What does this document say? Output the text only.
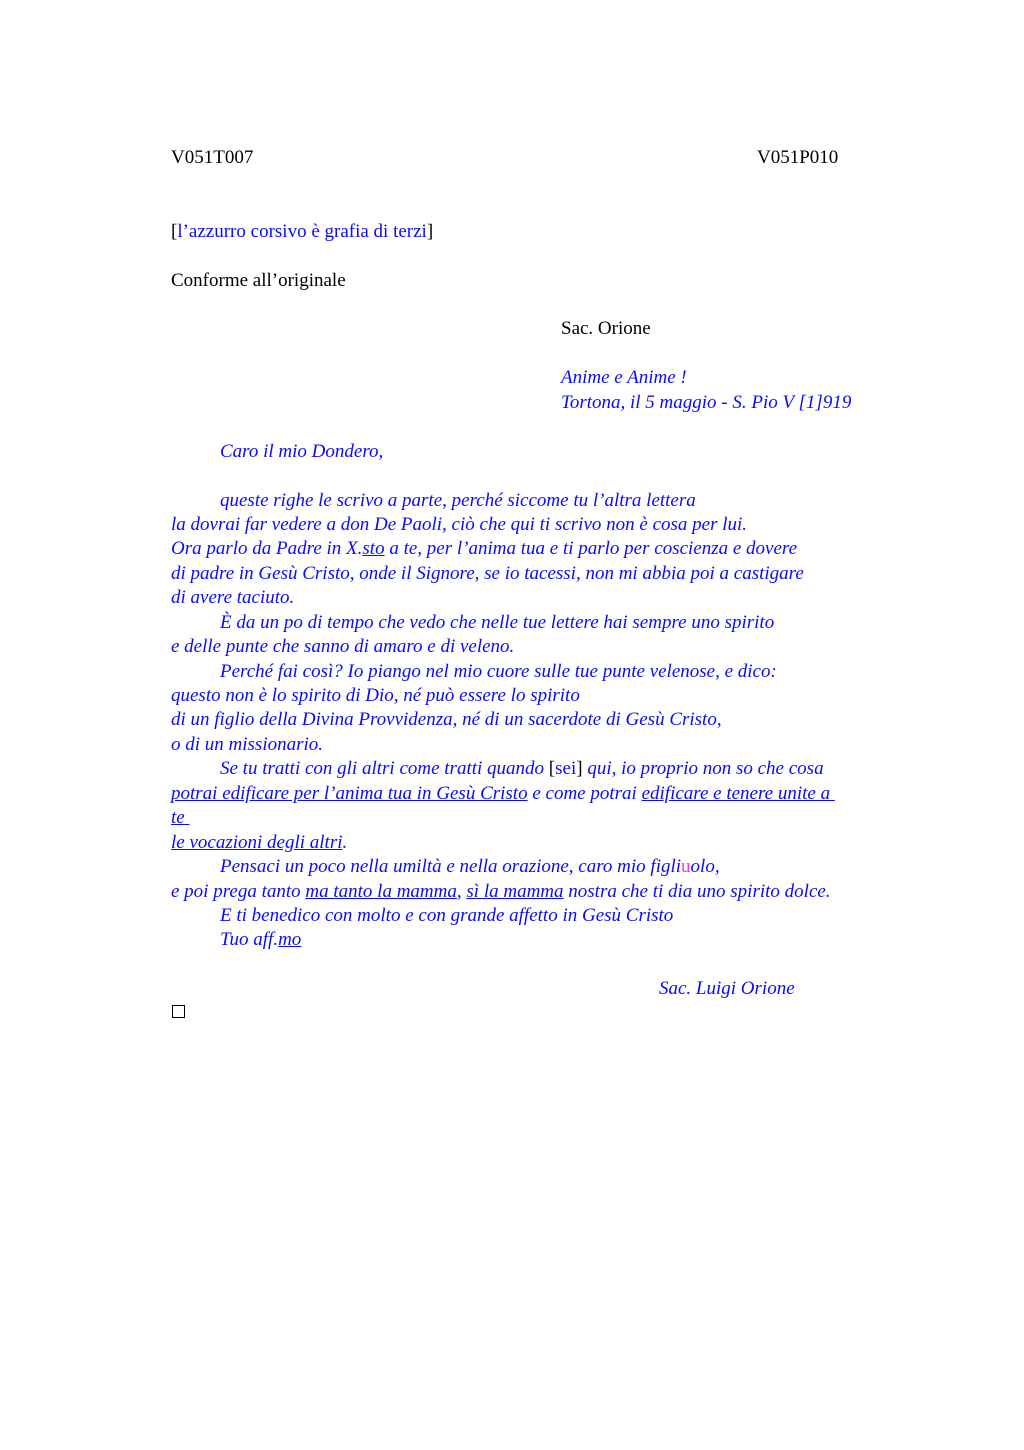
V051T007	V051P010
[l’azzurro corsivo è grafia di terzi]
Conforme all’originale
Sac. Orione
Anime e Anime !
Tortona, il 5 maggio - S. Pio V [1]919
Caro il mio Dondero,
queste righe le scrivo a parte, perché siccome tu l’altra lettera
la dovrai far vedere a don De Paoli, ciò che qui ti scrivo non è cosa per lui.
Ora parlo da Padre in X.sto a te, per l’anima tua e ti parlo per coscienza e dovere
di padre in Gesù Cristo, onde il Signore, se io tacessi, non mi abbia poi a castigare
di avere taciuto.
È da un po di tempo che vedo che nelle tue lettere hai sempre uno spirito
e delle punte che sanno di amaro e di veleno.
Perché fai così? Io piango nel mio cuore sulle tue punte velenose, e dico:
questo non è lo spirito di Dio, né può essere lo spirito
di un figlio della Divina Provvidenza, né di un sacerdote di Gesù Cristo,
o di un missionario.
Se tu tratti con gli altri come tratti quando [sei] qui, io proprio non so che cosa
potrai edificare per l’anima tua in Gesù Cristo e come potrai edificare e tenere unite a
te
le vocazioni degli altri.
Pensaci un poco nella umiltà e nella orazione, caro mio figliuolo,
e poi prega tanto ma tanto la mamma, sì la mamma nostra che ti dia uno spirito dolce.
E ti benedico con molto e con grande affetto in Gesù Cristo
Tuo aff.mo
Sac. Luigi Orione
